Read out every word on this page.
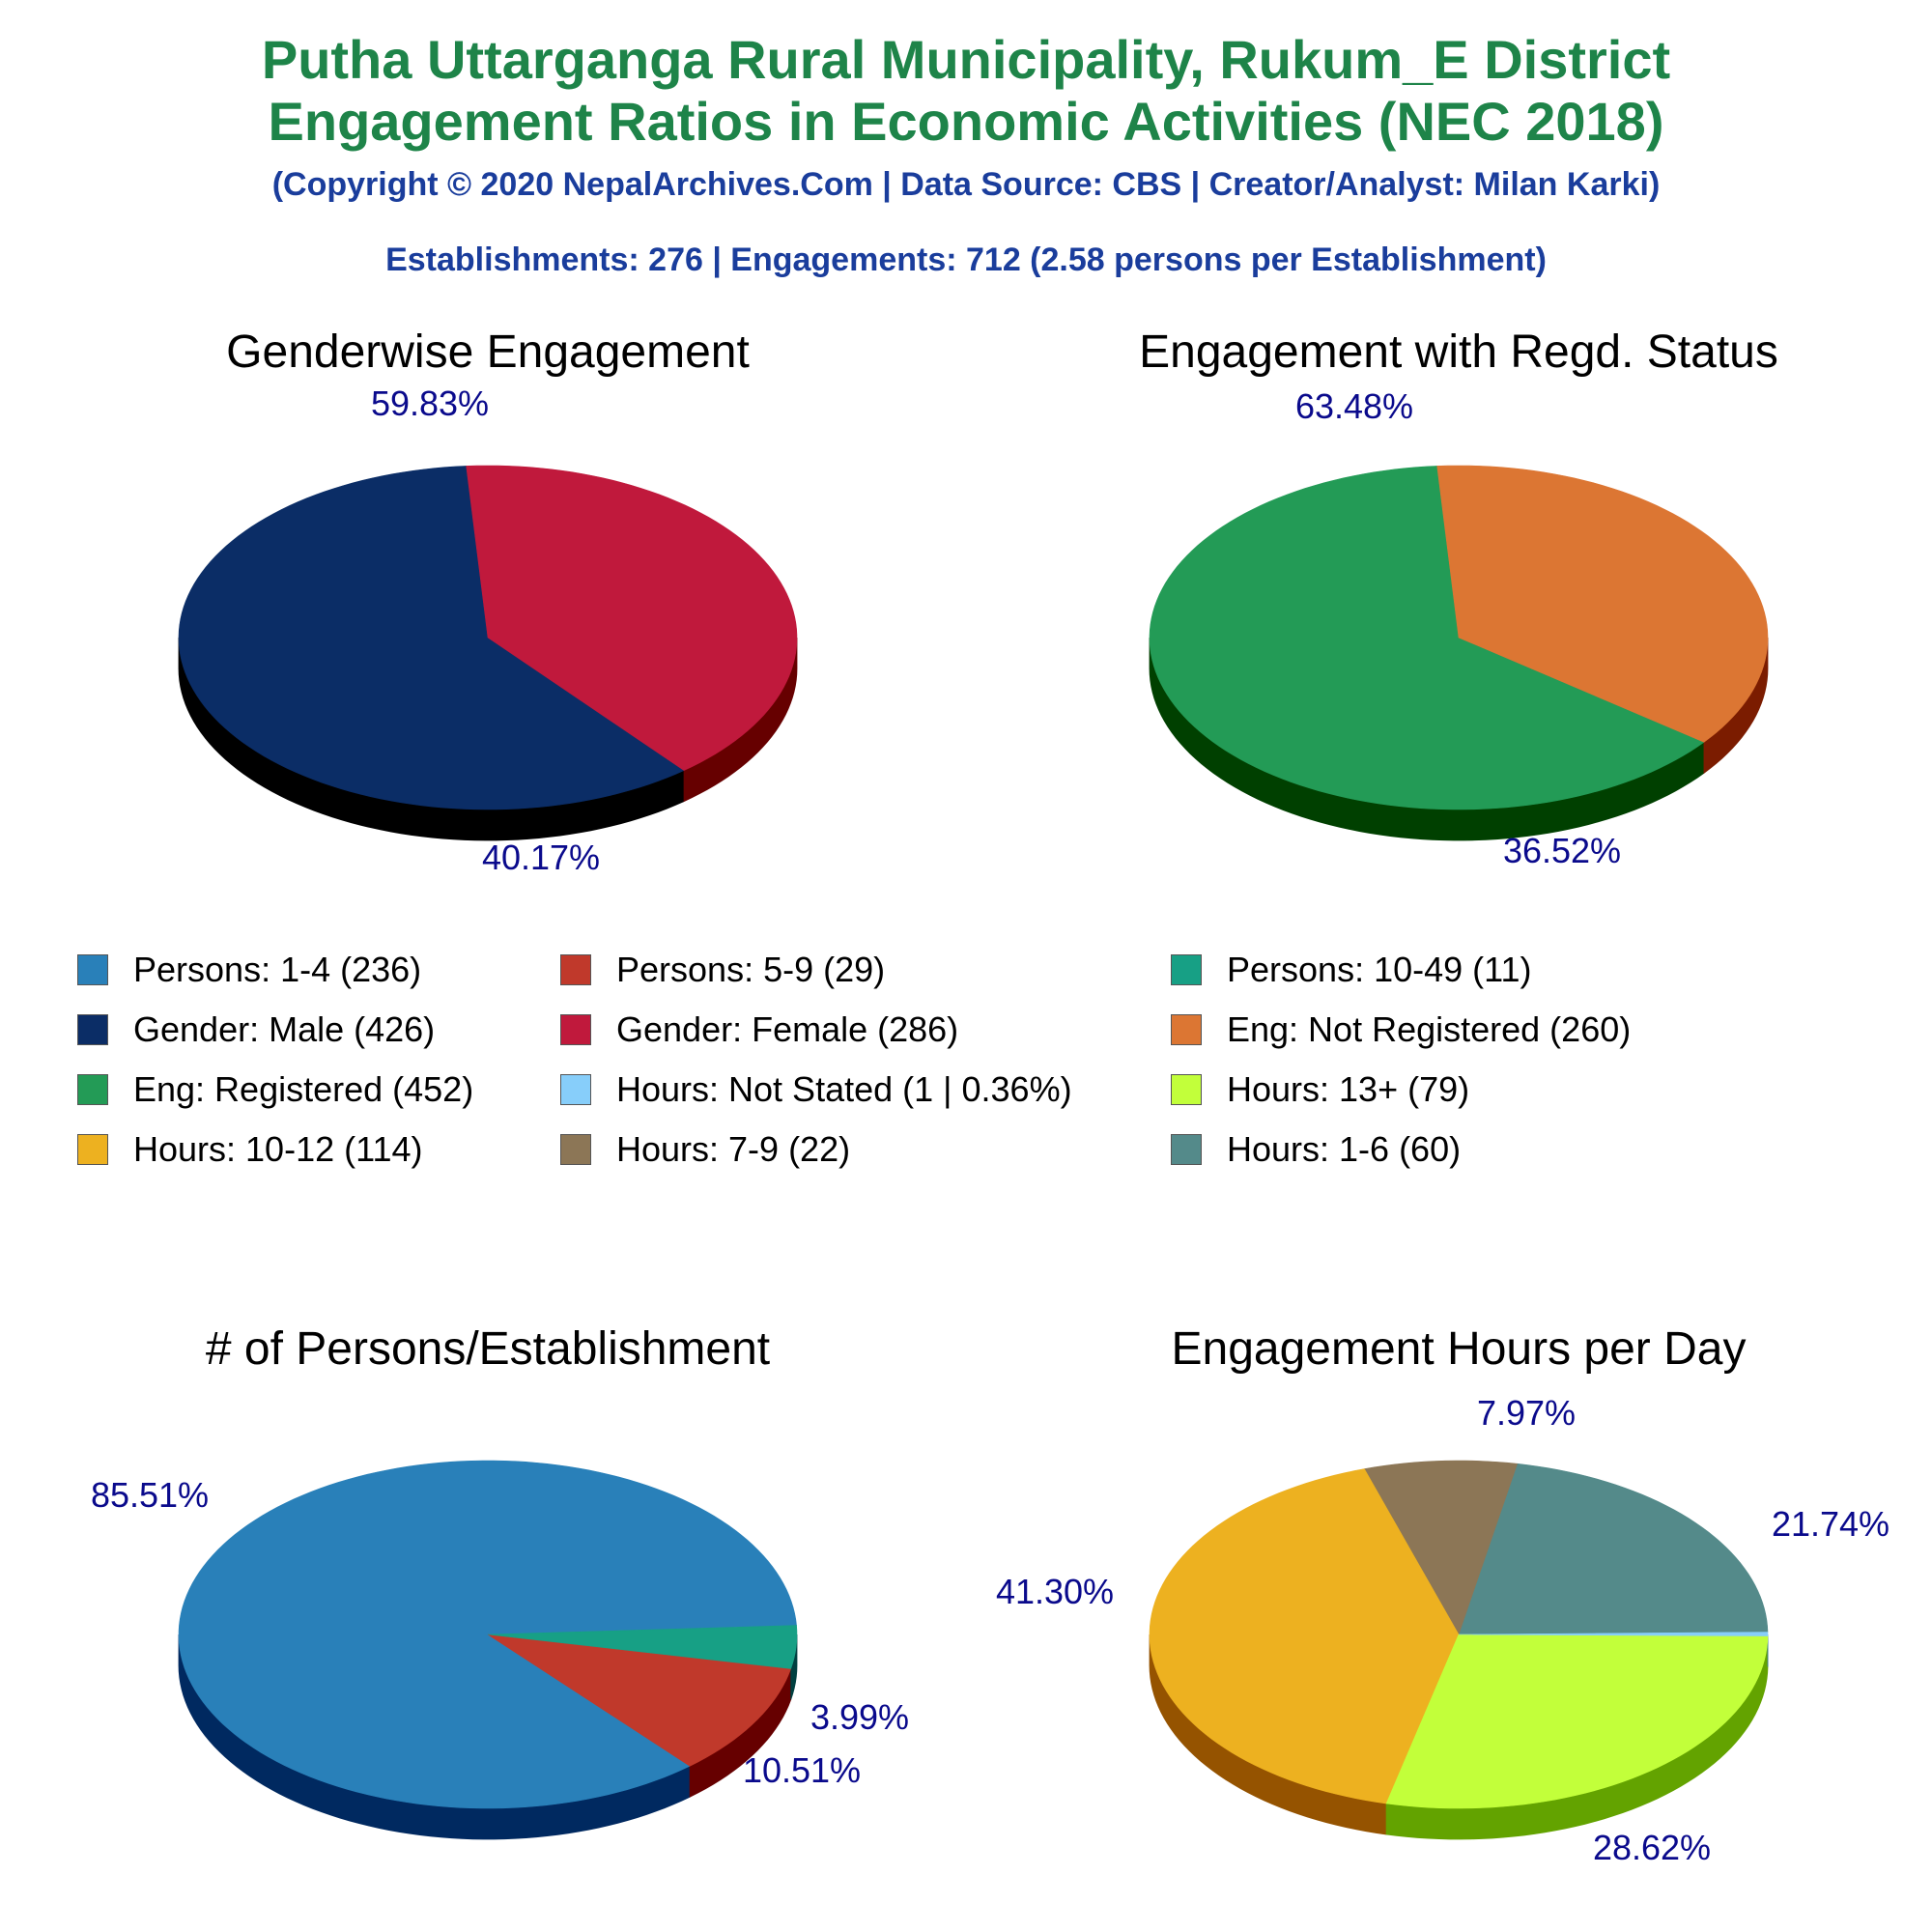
Putha Uttarganga Rural Municipality, Rukum_E District
Engagement Ratios in Economic Activities (NEC 2018)
(Copyright © 2020 NepalArchives.Com | Data Source: CBS | Creator/Analyst: Milan Karki)
Establishments: 276 | Engagements: 712 (2.58 persons per Establishment)
Genderwise Engagement
59.83%
40.17%
Engagement with Regd. Status
63.48%
36.52%
# of Persons/Establishment
85.51%
10.51%
3.99%
Engagement Hours per Day
21.74%
7.97%
41.30%
28.62%
Persons: 1-4 (236)	Persons: 5-9 (29)	Persons: 10-49 (11)
Gender: Male (426)	Gender: Female (286)	Eng: Not Registered (260)
Eng: Registered (452)	Hours: Not Stated (1 | 0.36%)	Hours: 13+ (79)
Hours: 10-12 (114)	Hours: 7-9 (22)	Hours: 1-6 (60)
